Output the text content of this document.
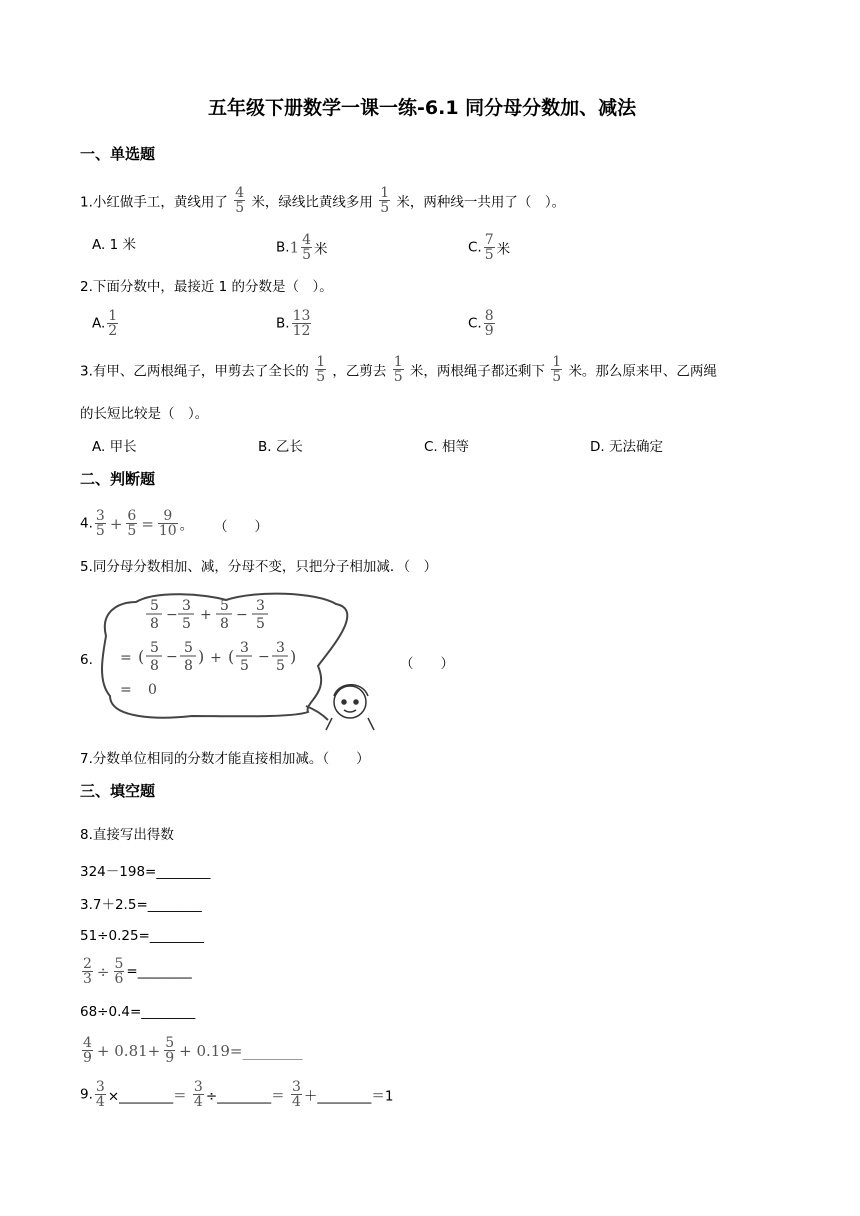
五年级下册数学一课一练-6.1 同分母分数加、减法
一、单选题
1.小红做手工，黄线用了 $\frac{4}{5}$ 米，绿线比黄线多用 $\frac{1}{5}$ 米，两种线一共用了（　）。
A. 1 米	$B.1 \frac{4}{5}$ 米	C. $\frac{7}{5}$ 米
2.下面分数中，最接近 1 的分数是（　）。
A. $\frac{1}{2}$	B. $\frac{13}{12}$	C. $\frac{8}{9}$
3.有甲、乙两根绳子，甲剪去了全长的 $\frac{1}{5}$ ，乙剪去 $\frac{1}{5}$ 米，两根绳子都还剩下 $\frac{1}{5}$ 米。那么原来甲、乙两绳
的长短比较是（　）。
A. 甲长	B. 乙长	C. 相等	D. 无法确定
二、判断题
4. $\frac{3}{5} + \frac{6}{5} = \frac{9}{10}$ 。 （　　）
5.同分母分数相加、减，分母不变，只把分子相加减．（　）
6.	（　　）
5
8
−
3
5
+
5
8
−
3
5
= ( 5
8
−
5
8 ) + ( 3
5
−
3
5 )
= 0
7.分数单位相同的分数才能直接相加减。（　　）
三、填空题
8.直接写出得数
324－198=________
3.7＋2.5=________
51÷0.25=________
$\frac{2}{3} \div \frac{5}{6}$ =________
68÷0.4=________
$\frac{4}{9} + 0.81+ \frac{5}{9}$ + 0.19=________
9. $\frac{3}{4}$ ×________＝ $\frac{3}{4}$ ÷________＝ $\frac{3}{4}$ ＋________＝1
